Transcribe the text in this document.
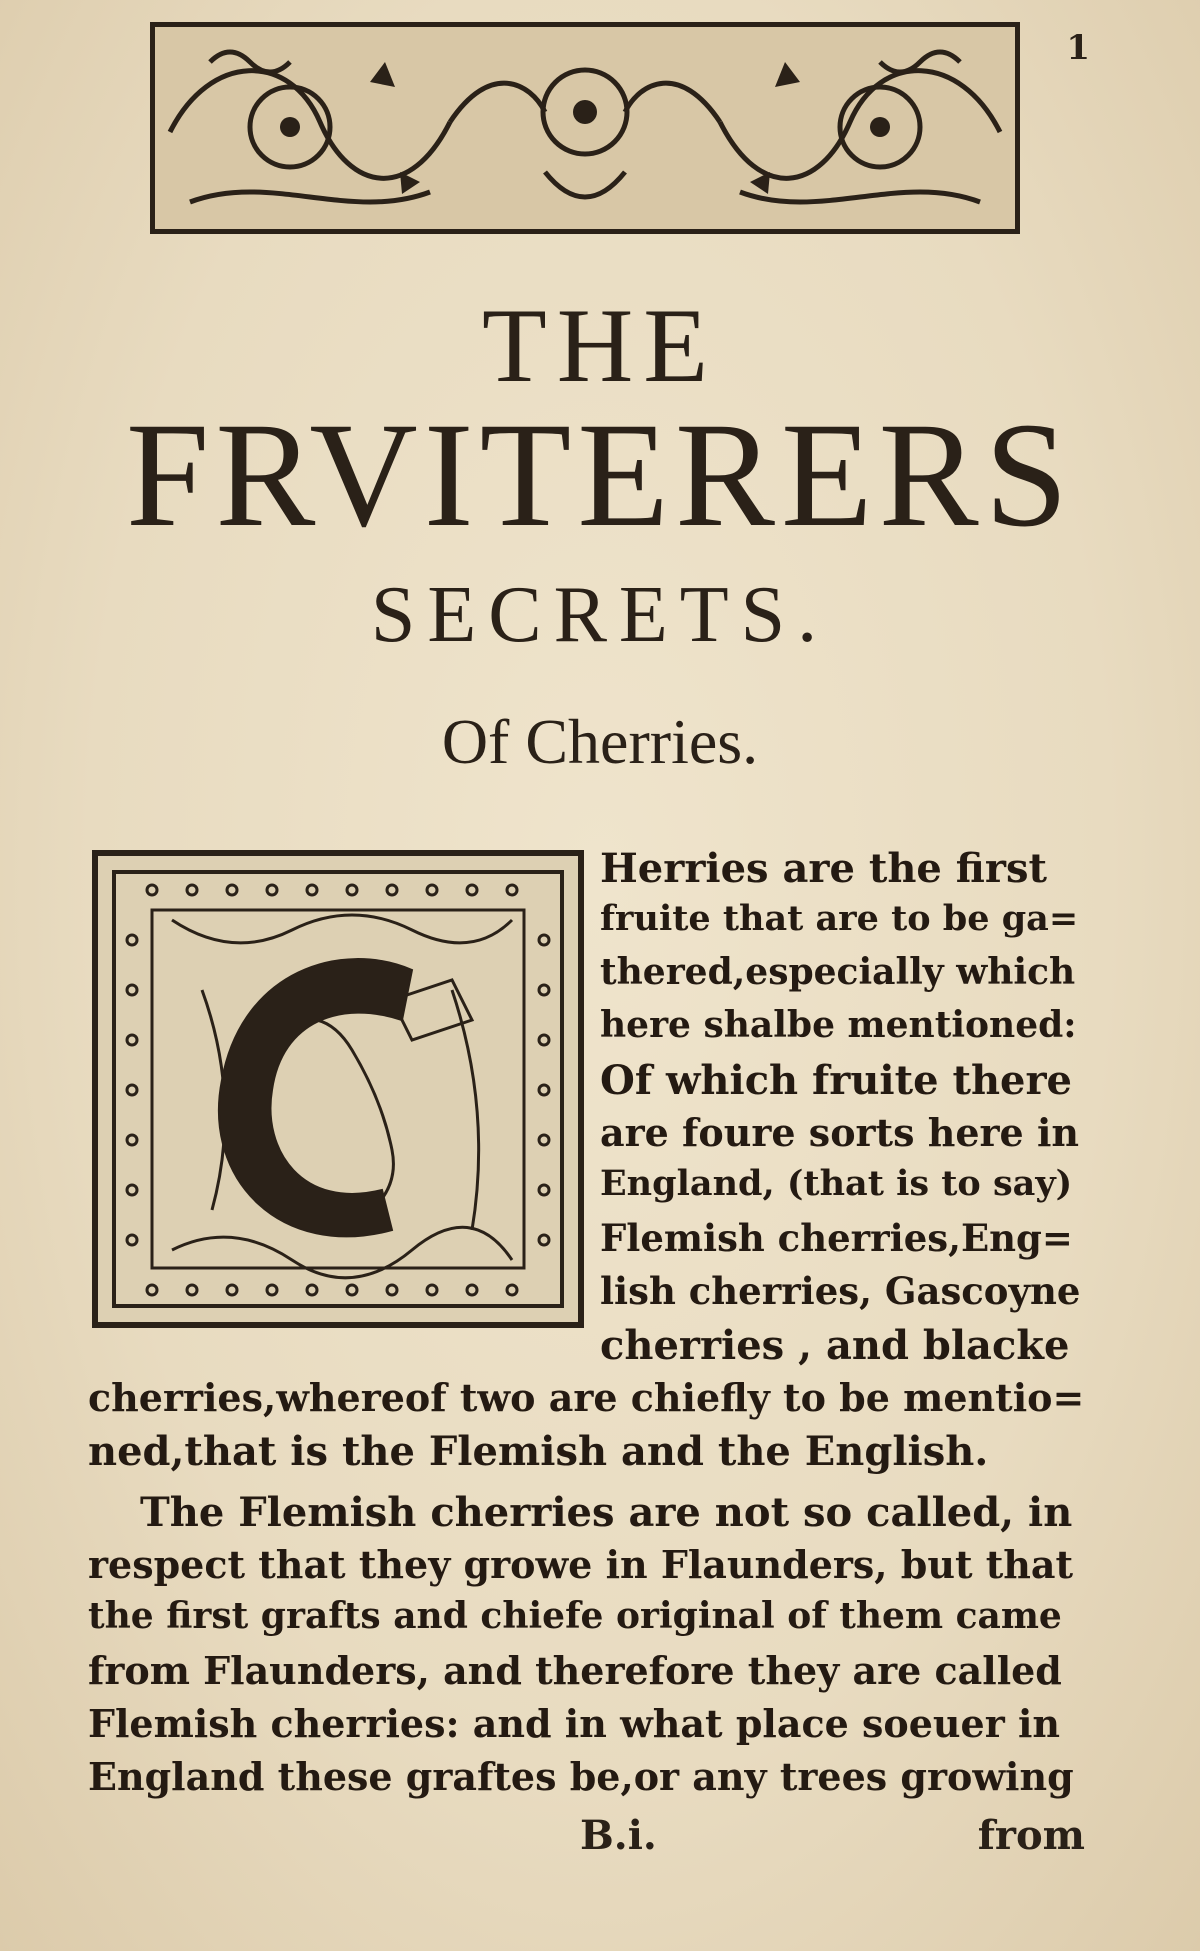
1
THE
FRVITERERS
SECRETS.
Of Cherries.
Herries are the first
fruite that are to be ga=
thered,especially which
here shalbe mentioned:
Of which fruite there
are foure sorts here in
England, (that is to say)
Flemish cherries,Eng=
lish cherries, Gascoyne
cherries , and blacke
cherries,whereof two are chiefly to be mentio=
ned,that is the Flemish and the English.
The Flemish cherries are not so called, in
respect that they growe in Flaunders, but that
the first grafts and chiefe original of them came
from Flaunders, and therefore they are called
Flemish cherries: and in what place soeuer in
England these graftes be,or any trees growing
B.i.	from
